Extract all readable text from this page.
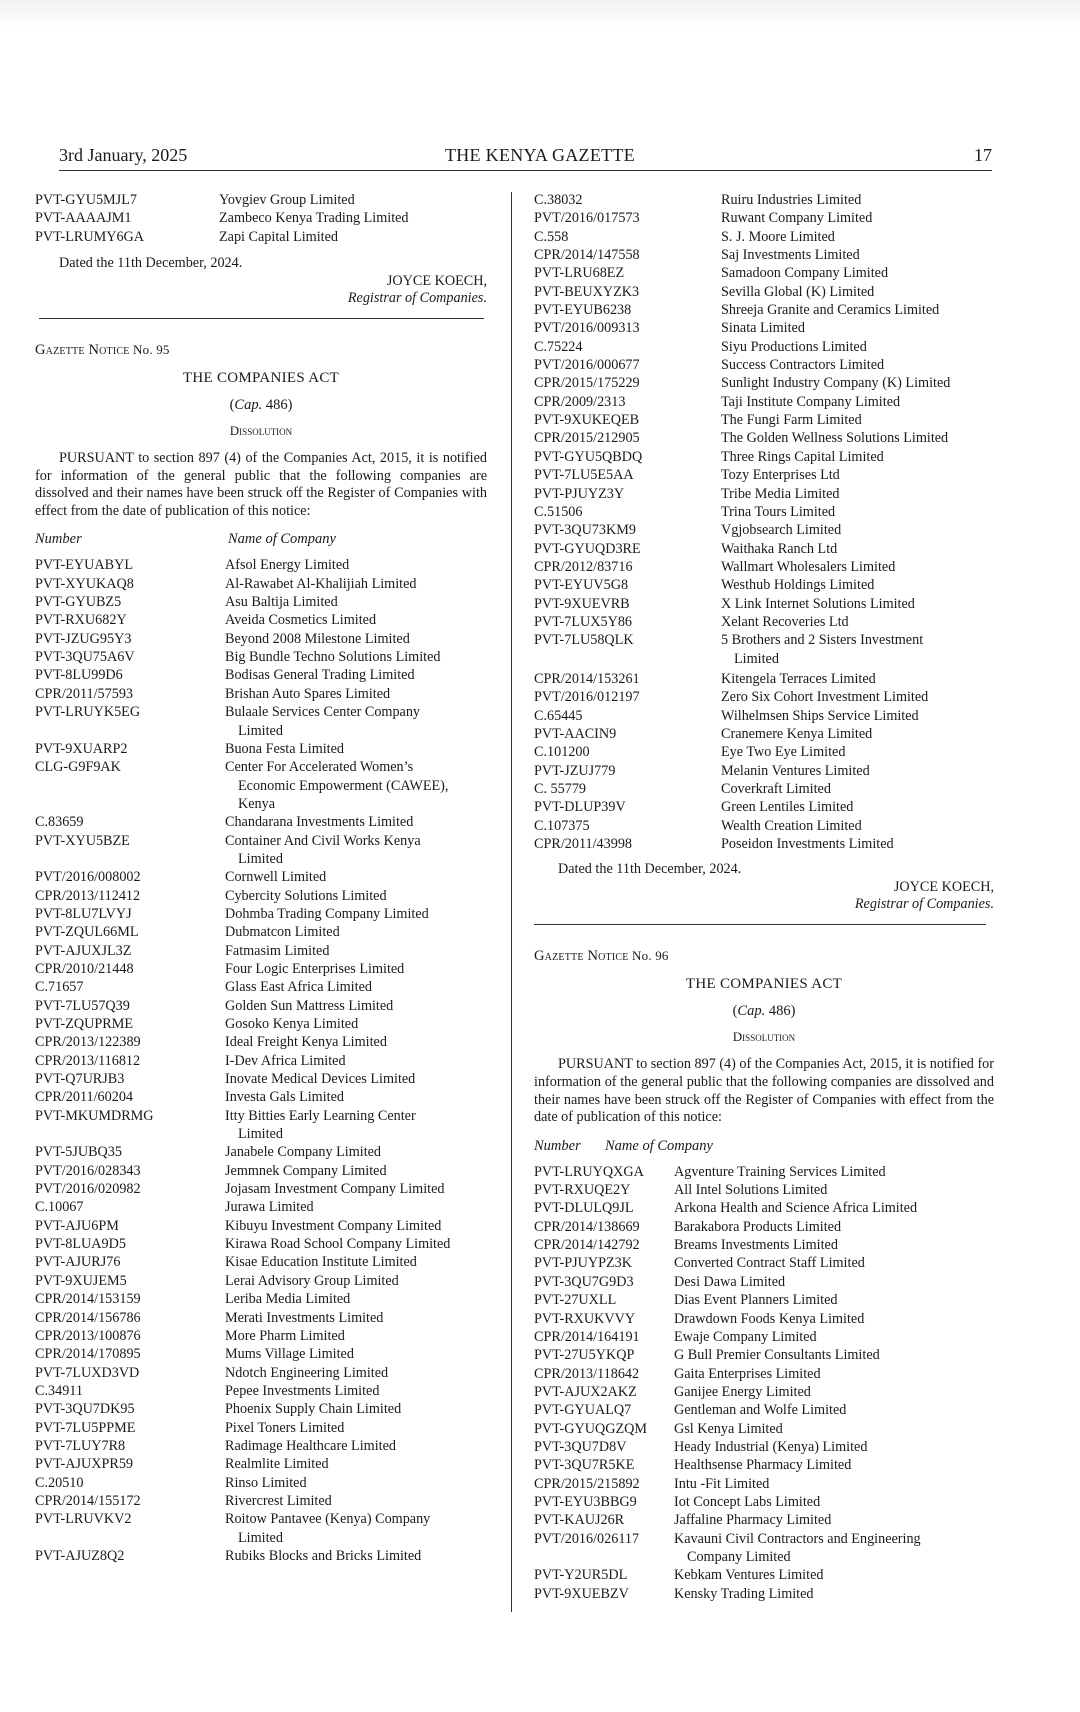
3rd January, 2025	THE KENYA GAZETTE	17
PVT-GYU5MJL7	Yovgiev Group Limited
PVT-AAAAJM1	Zambeco Kenya Trading Limited
PVT-LRUMY6GA	Zapi Capital Limited
Dated the 11th December, 2024.
JOYCE KOECH,
Registrar of Companies.
Gazette Notice No. 95
THE COMPANIES ACT
(Cap. 486)
Dissolution
PURSUANT to section 897 (4) of the Companies Act, 2015, it is notified for information of the general public that the following companies are dissolved and their names have been struck off the Register of Companies with effect from the date of publication of this notice:
Number	Name of Company
PVT-EYUABYL	Afsol Energy Limited
PVT-XYUKAQ8	Al-Rawabet Al-Khalijiah Limited
PVT-GYUBZ5	Asu Baltija Limited
PVT-RXU682Y	Aveida Cosmetics Limited
PVT-JZUG95Y3	Beyond 2008 Milestone Limited
PVT-3QU75A6V	Big Bundle Techno Solutions Limited
PVT-8LU99D6	Bodisas General Trading Limited
CPR/2011/57593	Brishan Auto Spares Limited
PVT-LRUYK5EG	Bulaale Services Center Company
Limited
PVT-9XUARP2	Buona Festa Limited
CLG-G9F9AK	Center For Accelerated Women’s
Economic Empowerment (CAWEE),
Kenya
C.83659	Chandarana Investments Limited
PVT-XYU5BZE	Container And Civil Works Kenya
Limited
PVT/2016/008002	Cornwell Limited
CPR/2013/112412	Cybercity Solutions Limited
PVT-8LU7LVYJ	Dohmba Trading Company Limited
PVT-ZQUL66ML	Dubmatcon Limited
PVT-AJUXJL3Z	Fatmasim Limited
CPR/2010/21448	Four Logic Enterprises Limited
C.71657	Glass East Africa Limited
PVT-7LU57Q39	Golden Sun Mattress Limited
PVT-ZQUPRME	Gosoko Kenya Limited
CPR/2013/122389	Ideal Freight Kenya Limited
CPR/2013/116812	I-Dev Africa Limited
PVT-Q7URJB3	Inovate Medical Devices Limited
CPR/2011/60204	Investa Gals Limited
PVT-MKUMDRMG	Itty Bitties Early Learning Center
Limited
PVT-5JUBQ35	Janabele Company Limited
PVT/2016/028343	Jemmnek Company Limited
PVT/2016/020982	Jojasam Investment Company Limited
C.10067	Jurawa Limited
PVT-AJU6PM	Kibuyu Investment Company Limited
PVT-8LUA9D5	Kirawa Road School Company Limited
PVT-AJURJ76	Kisae Education Institute Limited
PVT-9XUJEM5	Lerai Advisory Group Limited
CPR/2014/153159	Leriba Media Limited
CPR/2014/156786	Merati Investments Limited
CPR/2013/100876	More Pharm Limited
CPR/2014/170895	Mums Village Limited
PVT-7LUXD3VD	Ndotch Engineering Limited
C.34911	Pepee Investments Limited
PVT-3QU7DK95	Phoenix Supply Chain Limited
PVT-7LU5PPME	Pixel Toners Limited
PVT-7LUY7R8	Radimage Healthcare Limited
PVT-AJUXPR59	Realmlite Limited
C.20510	Rinso Limited
CPR/2014/155172	Rivercrest Limited
PVT-LRUVKV2	Roitow Pantavee (Kenya) Company
Limited
PVT-AJUZ8Q2	Rubiks Blocks and Bricks Limited
C.38032	Ruiru Industries Limited
PVT/2016/017573	Ruwant Company Limited
C.558	S. J. Moore Limited
CPR/2014/147558	Saj Investments Limited
PVT-LRU68EZ	Samadoon Company Limited
PVT-BEUXYZK3	Sevilla Global (K) Limited
PVT-EYUB6238	Shreeja Granite and Ceramics Limited
PVT/2016/009313	Sinata Limited
C.75224	Siyu Productions Limited
PVT/2016/000677	Success Contractors Limited
CPR/2015/175229	Sunlight Industry Company (K) Limited
CPR/2009/2313	Taji Institute Company Limited
PVT-9XUKEQEB	The Fungi Farm Limited
CPR/2015/212905	The Golden Wellness Solutions Limited
PVT-GYU5QBDQ	Three Rings Capital Limited
PVT-7LU5E5AA	Tozy Enterprises Ltd
PVT-PJUYZ3Y	Tribe Media Limited
C.51506	Trina Tours Limited
PVT-3QU73KM9	Vgjobsearch Limited
PVT-GYUQD3RE	Waithaka Ranch Ltd
CPR/2012/83716	Wallmart Wholesalers Limited
PVT-EYUV5G8	Westhub Holdings Limited
PVT-9XUEVRB	X Link Internet Solutions Limited
PVT-7LUX5Y86	Xelant Recoveries Ltd
PVT-7LU58QLK	5 Brothers and 2 Sisters Investment
Limited
CPR/2014/153261	Kitengela Terraces Limited
PVT/2016/012197	Zero Six Cohort Investment Limited
C.65445	Wilhelmsen Ships Service Limited
PVT-AACIN9	Cranemere Kenya Limited
C.101200	Eye Two Eye Limited
PVT-JZUJ779	Melanin Ventures Limited
C. 55779	Coverkraft Limited
PVT-DLUP39V	Green Lentiles Limited
C.107375	Wealth Creation Limited
CPR/2011/43998	Poseidon Investments Limited
Dated the 11th December, 2024.
JOYCE KOECH,
Registrar of Companies.
Gazette Notice No. 96
THE COMPANIES ACT
(Cap. 486)
Dissolution
PURSUANT to section 897 (4) of the Companies Act, 2015, it is notified for information of the general public that the following companies are dissolved and their names have been struck off the Register of Companies with effect from the date of publication of this notice:
Number	Name of Company
PVT-LRUYQXGA	Agventure Training Services Limited
PVT-RXUQE2Y	All Intel Solutions Limited
PVT-DLULQ9JL	Arkona Health and Science Africa Limited
CPR/2014/138669	Barakabora Products Limited
CPR/2014/142792	Breams Investments Limited
PVT-PJUYPZ3K	Converted Contract Staff Limited
PVT-3QU7G9D3	Desi Dawa Limited
PVT-27UXLL	Dias Event Planners Limited
PVT-RXUKVVY	Drawdown Foods Kenya Limited
CPR/2014/164191	Ewaje Company Limited
PVT-27U5YKQP	G Bull Premier Consultants Limited
CPR/2013/118642	Gaita Enterprises Limited
PVT-AJUX2AKZ	Ganijee Energy Limited
PVT-GYUALQ7	Gentleman and Wolfe Limited
PVT-GYUQGZQM	Gsl Kenya Limited
PVT-3QU7D8V	Heady Industrial (Kenya) Limited
PVT-3QU7R5KE	Healthsense Pharmacy Limited
CPR/2015/215892	Intu -Fit Limited
PVT-EYU3BBG9	Iot Concept Labs Limited
PVT-KAUJ26R	Jaffaline Pharmacy Limited
PVT/2016/026117	Kavauni Civil Contractors and Engineering
Company Limited
PVT-Y2UR5DL	Kebkam Ventures Limited
PVT-9XUEBZV	Kensky Trading Limited
